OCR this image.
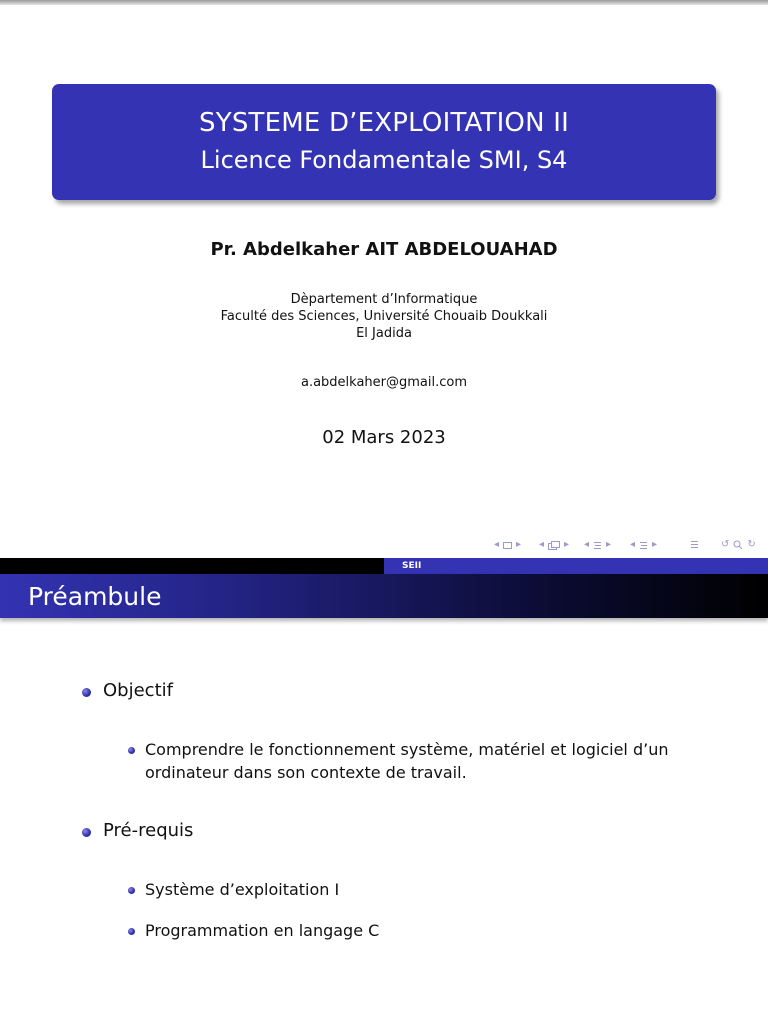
SYSTEME D’EXPLOITATION II
Licence Fondamentale SMI, S4
Pr. Abdelkaher AIT ABDELOUAHAD
Dèpartement d’Informatique
Faculté des Sciences, Université Chouaib Doukkali
El Jadida
a.abdelkaher@gmail.com
02 Mars 2023
◂ ▸ ◂ ▸ ◂ ▸ ◂ ▸	↺ ↻
SEII
Préambule
Objectif
Comprendre le fonctionnement système, matériel et logiciel d’un ordinateur dans son contexte de travail.
Pré-requis
Système d’exploitation I
Programmation en langage C
